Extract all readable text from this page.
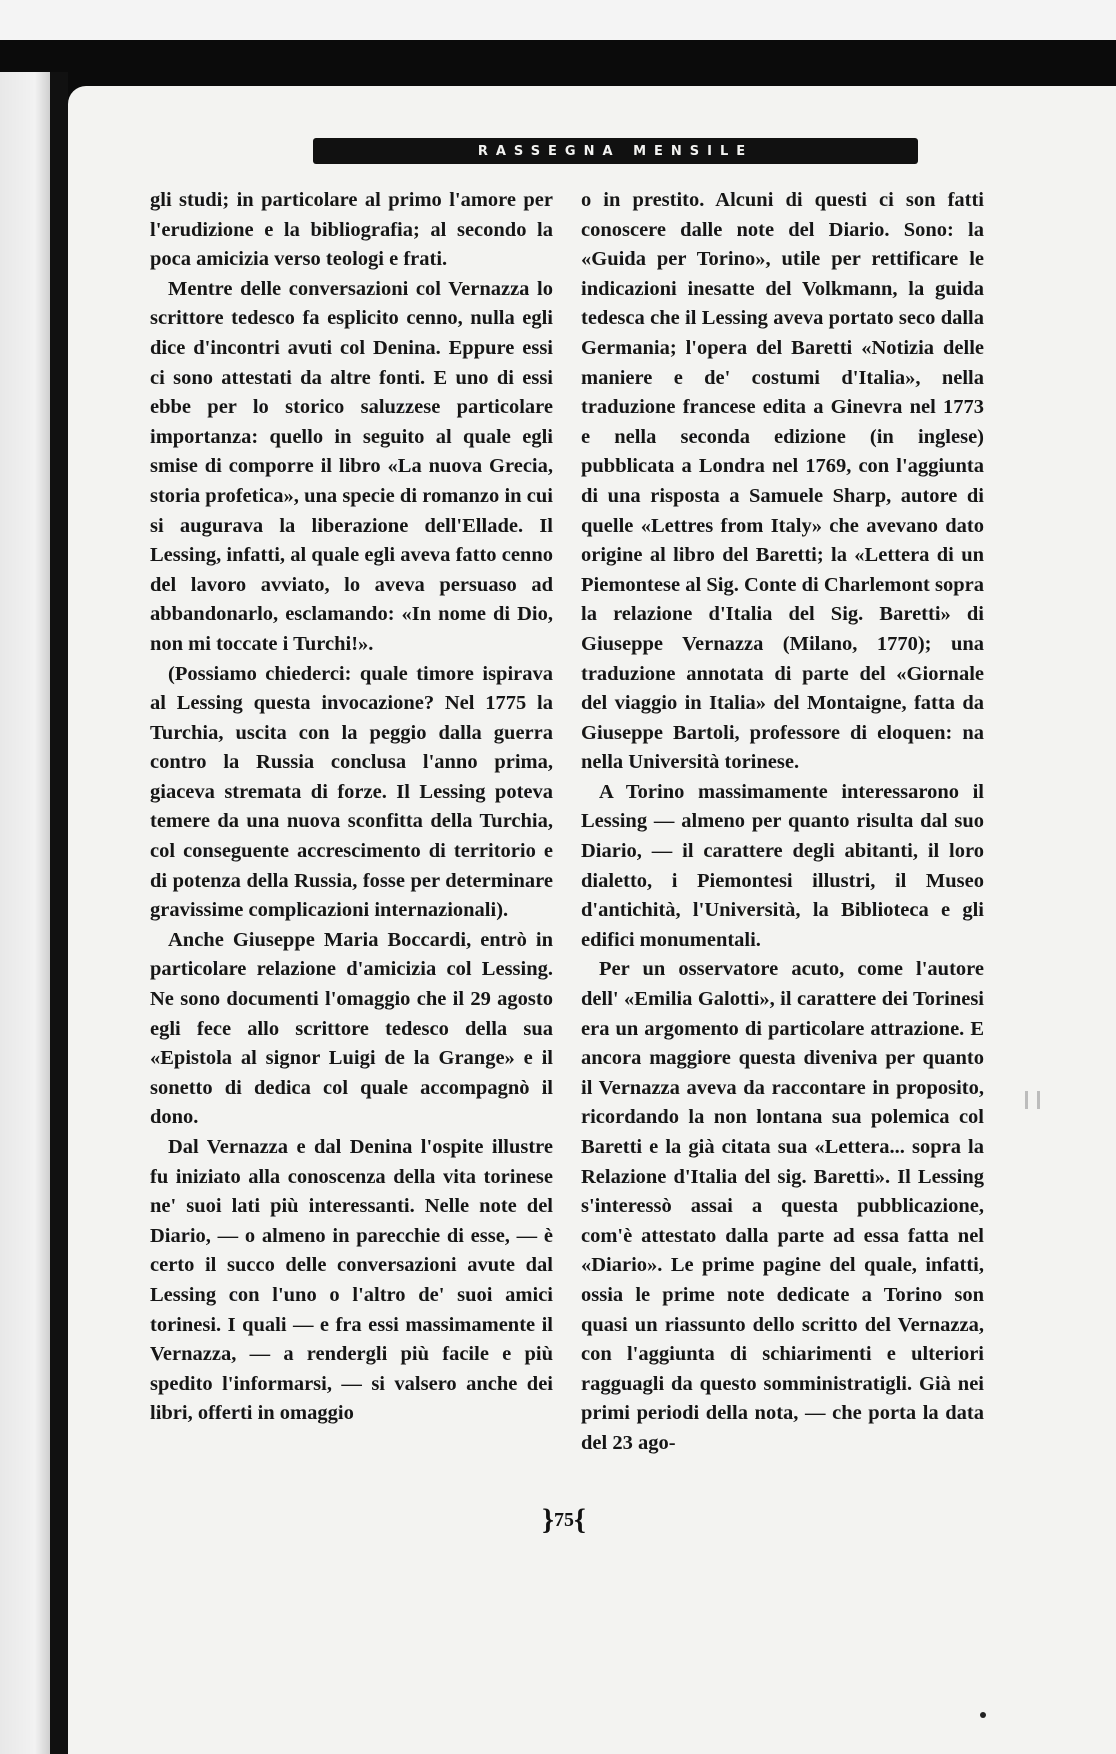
RASSEGNA MENSILE

gli studi; in particolare al primo l'amore per l'erudizione e la bibliografia; al secondo la poca amicizia verso teologi e frati.

Mentre delle conversazioni col Vernazza lo scrittore tedesco fa esplicito cenno, nulla egli dice d'incontri avuti col Denina. Eppure essi ci sono attestati da altre fonti. E uno di essi ebbe per lo storico saluzzese particolare importanza: quello in seguito al quale egli smise di comporre il libro «La nuova Grecia, storia profetica», una specie di romanzo in cui si augurava la liberazione dell'Ellade. Il Lessing, infatti, al quale egli aveva fatto cenno del lavoro avviato, lo aveva persuaso ad abbandonarlo, esclamando: «In nome di Dio, non mi toccate i Turchi!».

(Possiamo chiederci: quale timore ispirava al Lessing questa invocazione? Nel 1775 la Turchia, uscita con la peggio dalla guerra contro la Russia conclusa l'anno prima, giaceva stremata di forze. Il Lessing poteva temere da una nuova sconfitta della Turchia, col conseguente accrescimento di territorio e di potenza della Russia, fosse per determinare gravissime complicazioni internazionali).

Anche Giuseppe Maria Boccardi, entrò in particolare relazione d'amicizia col Lessing. Ne sono documenti l'omaggio che il 29 agosto egli fece allo scrittore tedesco della sua «Epistola al signor Luigi de la Grange» e il sonetto di dedica col quale accompagnò il dono.

Dal Vernazza e dal Denina l'ospite illustre fu iniziato alla conoscenza della vita torinese ne' suoi lati più interessanti. Nelle note del Diario, — o almeno in parecchie di esse, — è certo il succo delle conversazioni avute dal Lessing con l'uno o l'altro de' suoi amici torinesi. I quali — e fra essi massimamente il Vernazza, — a rendergli più facile e più spedito l'informarsi, — si valsero anche dei libri, offerti in omaggio

o in prestito. Alcuni di questi ci son fatti conoscere dalle note del Diario. Sono: la «Guida per Torino», utile per rettificare le indicazioni inesatte del Volkmann, la guida tedesca che il Lessing aveva portato seco dalla Germania; l'opera del Baretti «Notizia delle maniere e de' costumi d'Italia», nella traduzione francese edita a Ginevra nel 1773 e nella seconda edizione (in inglese) pubblicata a Londra nel 1769, con l'aggiunta di una risposta a Samuele Sharp, autore di quelle «Lettres from Italy» che avevano dato origine al libro del Baretti; la «Lettera di un Piemontese al Sig. Conte di Charlemont sopra la relazione d'Italia del Sig. Baretti» di Giuseppe Vernazza (Milano, 1770); una traduzione annotata di parte del «Giornale del viaggio in Italia» del Montaigne, fatta da Giuseppe Bartoli, professore di eloquen: na nella Università torinese.

A Torino massimamente interessarono il Lessing — almeno per quanto risulta dal suo Diario, — il carattere degli abitanti, il loro dialetto, i Piemontesi illustri, il Museo d'antichità, l'Università, la Biblioteca e gli edifici monumentali.

Per un osservatore acuto, come l'autore dell' «Emilia Galotti», il carattere dei Torinesi era un argomento di particolare attrazione. E ancora maggiore questa diveniva per quanto il Vernazza aveva da raccontare in proposito, ricordando la non lontana sua polemica col Baretti e la già citata sua «Lettera... sopra la Relazione d'Italia del sig. Baretti». Il Lessing s'interessò assai a questa pubblicazione, com'è attestato dalla parte ad essa fatta nel «Diario». Le prime pagine del quale, infatti, ossia le prime note dedicate a Torino son quasi un riassunto dello scritto del Vernazza, con l'aggiunta di schiarimenti e ulteriori ragguagli da questo somministratigli. Già nei primi periodi della nota, — che porta la data del 23 ago-

} 75 {
